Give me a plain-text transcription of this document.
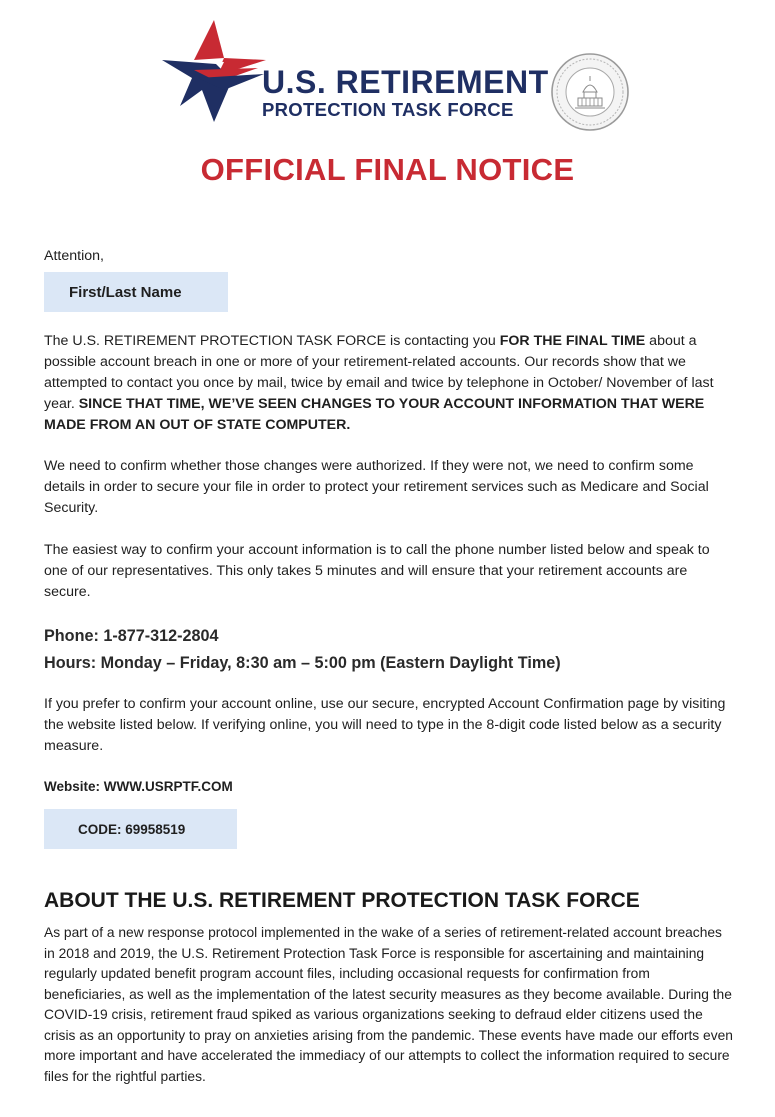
U.S. RETIREMENT
PROTECTION TASK FORCE
OFFICIAL FINAL NOTICE

Attention,

First/Last Name

The U.S. RETIREMENT PROTECTION TASK FORCE is contacting you FOR THE FINAL TIME about a possible account breach in one or more of your retirement-related accounts. Our records show that we attempted to contact you once by mail, twice by email and twice by telephone in October/ November of last year. SINCE THAT TIME, WE’VE SEEN CHANGES TO YOUR ACCOUNT INFORMATION THAT WERE MADE FROM AN OUT OF STATE COMPUTER.

We need to confirm whether those changes were authorized. If they were not, we need to confirm some details in order to secure your file in order to protect your retirement services such as Medicare and Social Security.

The easiest way to confirm your account information is to call the phone number listed below and speak to one of our representatives. This only takes 5 minutes and will ensure that your retirement accounts are secure.

Phone: 1-877-312-2804
Hours: Monday – Friday, 8:30 am – 5:00 pm (Eastern Daylight Time)

If you prefer to confirm your account online, use our secure, encrypted Account Confirmation page by visiting the website listed below. If verifying online, you will need to type in the 8-digit code listed below as a security measure.

Website: WWW.USRPTF.COM
CODE: 69958519
ABOUT THE U.S. RETIREMENT PROTECTION TASK FORCE

As part of a new response protocol implemented in the wake of a series of retirement-related account breaches in 2018 and 2019, the U.S. Retirement Protection Task Force is responsible for ascertaining and maintaining regularly updated benefit program account files, including occasional requests for confirmation from beneficiaries, as well as the implementation of the latest security measures as they become available. During the COVID-19 crisis, retirement fraud spiked as various organizations seeking to defraud elder citizens used the crisis as an opportunity to pray on anxieties arising from the pandemic. These events have made our efforts even more important and have accelerated the immediacy of our attempts to collect the information required to secure files for the rightful parties.
